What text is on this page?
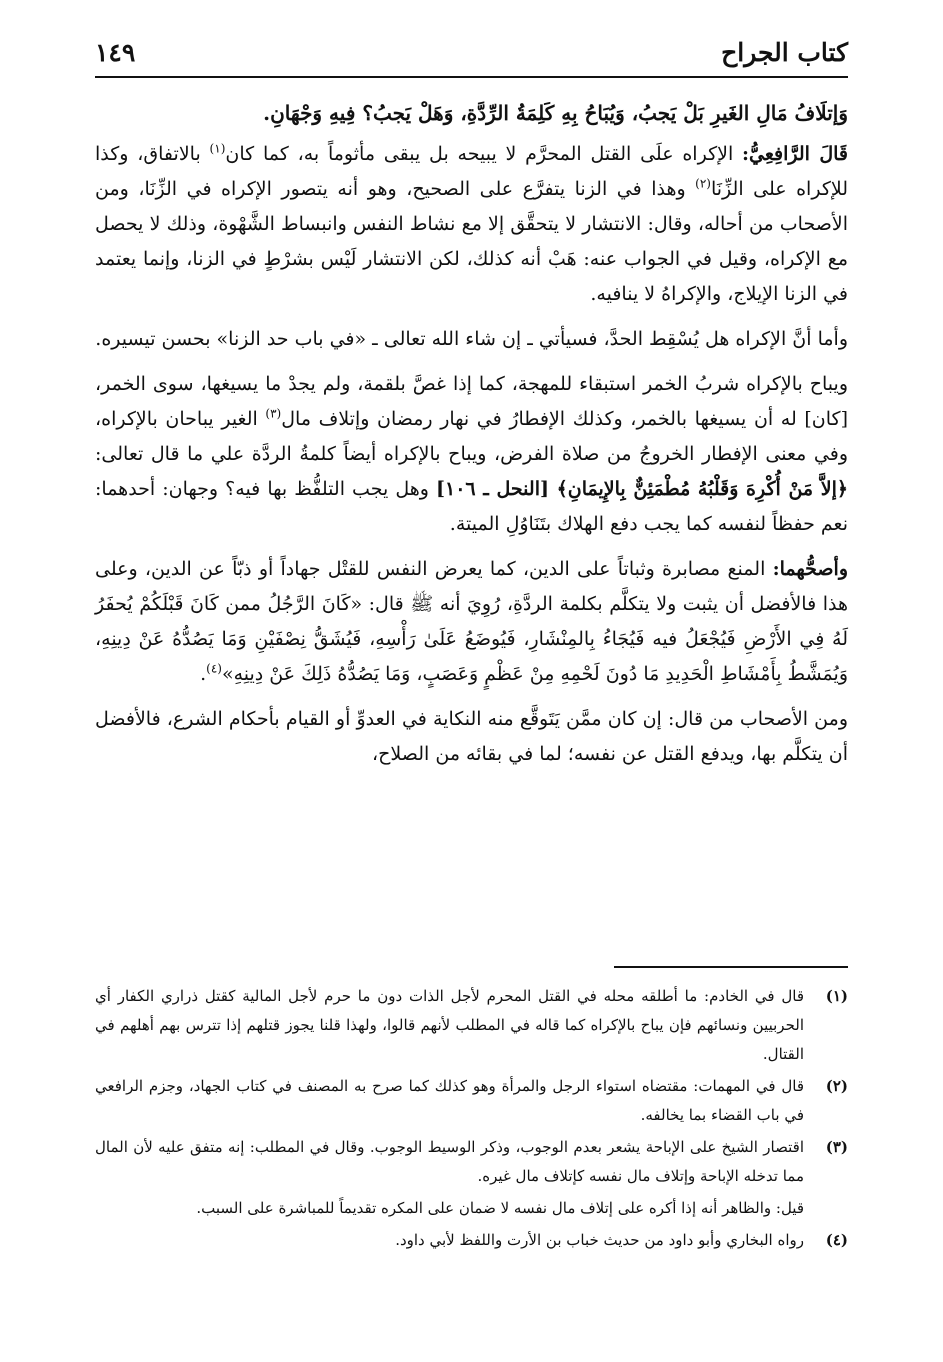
كتاب الجراح
١٤٩

وَإتلَافُ مَالِ الغَيرِ بَلْ يَجبُ، وَيُبَاحُ بِهِ كَلِمَةُ الرِّدَّةِ، وَهَلْ يَجبُ؟ فِيهِ وَجْهَانِ.

قَالَ الرَّافِعِيُّ: الإكراه علَى القتل المحرَّم لا يبيحه بل يبقى مأثوماً به، كما كان$^{(١)}$ بالاتفاق، وكذا للإكراه على الزِّنَا$^{(٢)}$ وهذا في الزنا يتفرَّع على الصحيح، وهو أنه يتصور الإكراه في الزِّنَا، ومن الأصحاب من أحاله، وقال: الانتشار لا يتحقَّق إلا مع نشاط النفس وانبساط الشَّهْوة، وذلك لا يحصل مع الإكراه، وقيل في الجواب عنه: هَبْ أنه كذلك، لكن الانتشار لَيْس بشرْطٍ في الزنا، وإنما يعتمد في الزنا الإيلاج، والإكراهُ لا ينافيه.

وأما أنَّ الإكراه هل يُسْقِط الحدَّ، فسيأتي ـ إن شاء الله تعالى ـ «في باب حد الزنا» بحسن تيسيره.

ويباح بالإكراه شربُ الخمر استبقاء للمهجة، كما إذا غصَّ بلقمة، ولم يجدْ ما يسيغها، سوى الخمر، [كان] له أن يسيغها بالخمر، وكذلك الإفطارُ في نهار رمضان وإتلاف مال$^{(٣)}$ الغير يباحان بالإكراه، وفي معنى الإفطار الخروجُ من صلاة الفرض، ويباح بالإكراه أيضاً كلمةُ الردَّة علي ما قال تعالى: ﴿إلاَّ مَنْ أُكْرِهَ وَقَلْبُهُ مُطْمَئِنٌّ بِالإِيمَانِ﴾ [النحل ـ ١٠٦] وهل يجب التلفُّظ بها فيه؟ وجهان: أحدهما: نعم حفظاً لنفسه كما يجب دفع الهلاك بتَنَاوُلِ الميتة.

وأصحُّهما: المنع مصابرة وثباتاً على الدين، كما يعرض النفس للقتْل جهاداً أو ذبّاً عن الدين، وعلى هذا فالأفضل أن يثبت ولا يتكلَّم بكلمة الردَّةِ، رُوِيَ أنه ﷺ قال: «كَانَ الرَّجُلُ ممن كَانَ قَبْلَكُمْ يُحفَرُ لَهُ فِي الأَرْضِ فَيُجْعَلُ فيه فَيُجَاءُ بِالمِنْشَارِ، فَيُوضَعُ عَلَىٰ رَأْسِهِ، فَيُشَقُّ نِصْفَيْنِ وَمَا يَصُدُّهُ عَنْ دِينِهِ، وَيُمَشَّطُ بِأَمْشَاطِ الْحَدِيدِ مَا دُونَ لَحْمِهِ مِنْ عَظْمٍ وَعَصَبٍ، وَمَا يَصُدُّهُ ذَلِكَ عَنْ دِينِهِ»$^{(٤)}$.

ومن الأصحاب من قال: إن كان ممَّن يَتَوقَّع منه النكاية في العدوِّ أو القيام بأحكام الشرع، فالأفضل أن يتكلَّم بها، ويدفع القتل عن نفسه؛ لما في بقائه من الصلاح،

(١)
قال في الخادم: ما أطلقه محله في القتل المحرم لأجل الذات دون ما حرم لأجل المالية كقتل ذراري الكفار أي الحربيين ونسائهم فإن يباح بالإكراه كما قاله في المطلب لأنهم قالوا، ولهذا قلنا يجوز قتلهم إذا تترس بهم أهلهم في القتال.
(٢)
قال في المهمات: مقتضاه استواء الرجل والمرأة وهو كذلك كما صرح به المصنف في كتاب الجهاد، وجزم الرافعي في باب القضاء بما يخالفه.
(٣)
اقتصار الشيخ على الإباحة يشعر بعدم الوجوب، وذكر الوسيط الوجوب. وقال في المطلب: إنه متفق عليه لأن المال مما تدخله الإباحة وإتلاف مال نفسه كإتلاف مال غيره.
قيل: والظاهر أنه إذا أكره على إتلاف مال نفسه لا ضمان على المكره تقديماً للمباشرة على السبب.
(٤)
رواه البخاري وأبو داود من حديث خباب بن الأرت واللفظ لأبي داود.
